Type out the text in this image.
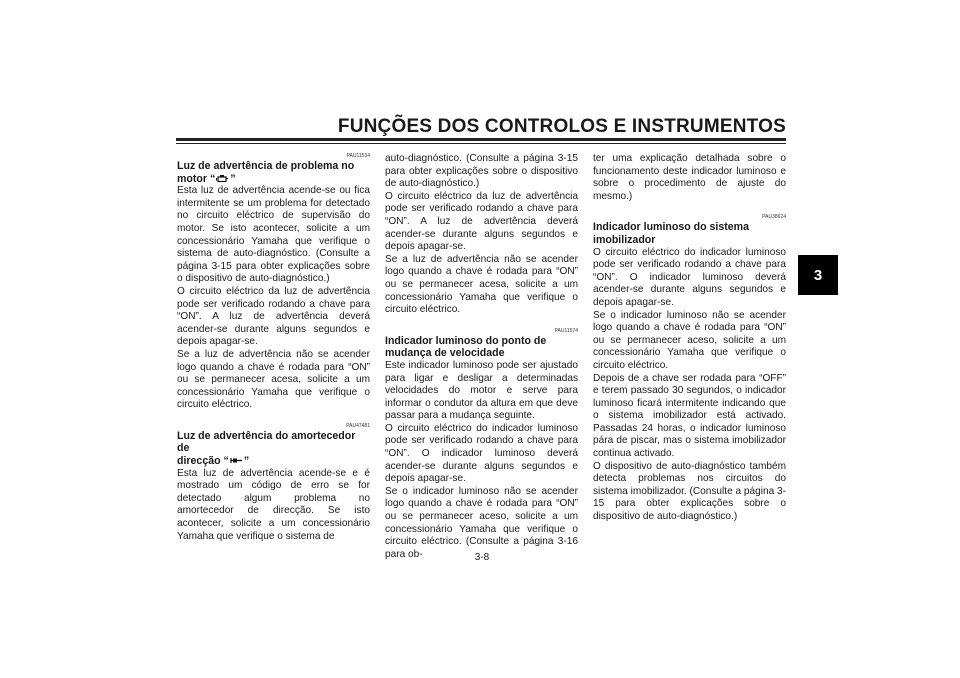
FUNÇÕES DOS CONTROLOS E INSTRUMENTOS
3

PAU11534

Luz de advertência de problema no
motor “ ”

Esta luz de advertência acende-se ou fica intermitente se um problema for detectado no circuito eléctrico de supervisão do motor. Se isto acontecer, solicite a um concessionário Yamaha que verifique o sistema de auto-diagnóstico. (Consulte a página 3-15 para obter explicações sobre o dispositivo de auto-diagnóstico.)

O circuito eléctrico da luz de advertência pode ser verificado rodando a chave para “ON”. A luz de advertência deverá acender-se durante alguns segundos e depois apagar-se.

Se a luz de advertência não se acender logo quando a chave é rodada para “ON” ou se permanecer acesa, solicite a um concessionário Yamaha que verifique o circuito eléctrico.

PAU47481

Luz de advertência do amortecedor de
direcção “ ”

Esta luz de advertência acende-se e é mostrado um código de erro se for detectado algum problema no amortecedor de direcção. Se isto acontecer, solicite a um concessionário Yamaha que verifique o sistema de

auto-diagnóstico. (Consulte a página 3-15 para obter explicações sobre o dispositivo de auto-diagnóstico.)

O circuito eléctrico da luz de advertência pode ser verificado rodando a chave para “ON”. A luz de advertência deverá acender-se durante alguns segundos e depois apagar-se.

Se a luz de advertência não se acender logo quando a chave é rodada para “ON” ou se permanecer acesa, solicite a um concessionário Yamaha que verifique o circuito eléctrico.

PAU11574

Indicador luminoso do ponto de mudança de velocidade

Este indicador luminoso pode ser ajustado para ligar e desligar a determinadas velocidades do motor e serve para informar o condutor da altura em que deve passar para a mudança seguinte.

O circuito eléctrico do indicador luminoso pode ser verificado rodando a chave para “ON”. O indicador luminoso deverá acender-se durante alguns segundos e depois apagar-se.

Se o indicador luminoso não se acender logo quando a chave é rodada para “ON” ou se permanecer aceso, solicite a um concessionário Yamaha que verifique o circuito eléctrico. (Consulte a página 3-16 para ob-

ter uma explicação detalhada sobre o funcionamento deste indicador luminoso e sobre o procedimento de ajuste do mesmo.)

PAU38624

Indicador luminoso do sistema imobilizador

O circuito eléctrico do indicador luminoso pode ser verificado rodando a chave para “ON”. O indicador luminoso deverá acender-se durante alguns segundos e depois apagar-se.

Se o indicador luminoso não se acender logo quando a chave é rodada para “ON” ou se permanecer aceso, solicite a um concessionário Yamaha que verifique o circuito eléctrico.

Depois de a chave ser rodada para “OFF” e terem passado 30 segundos, o indicador luminoso ficará intermitente indicando que o sistema imobilizador está activado. Passadas 24 horas, o indicador luminoso pára de piscar, mas o sistema imobilizador continua activado.

O dispositivo de auto-diagnóstico também detecta problemas nos circuitos do sistema imobilizador. (Consulte a página 3-15 para obter explicações sobre o dispositivo de auto-diagnóstico.)

3-8
